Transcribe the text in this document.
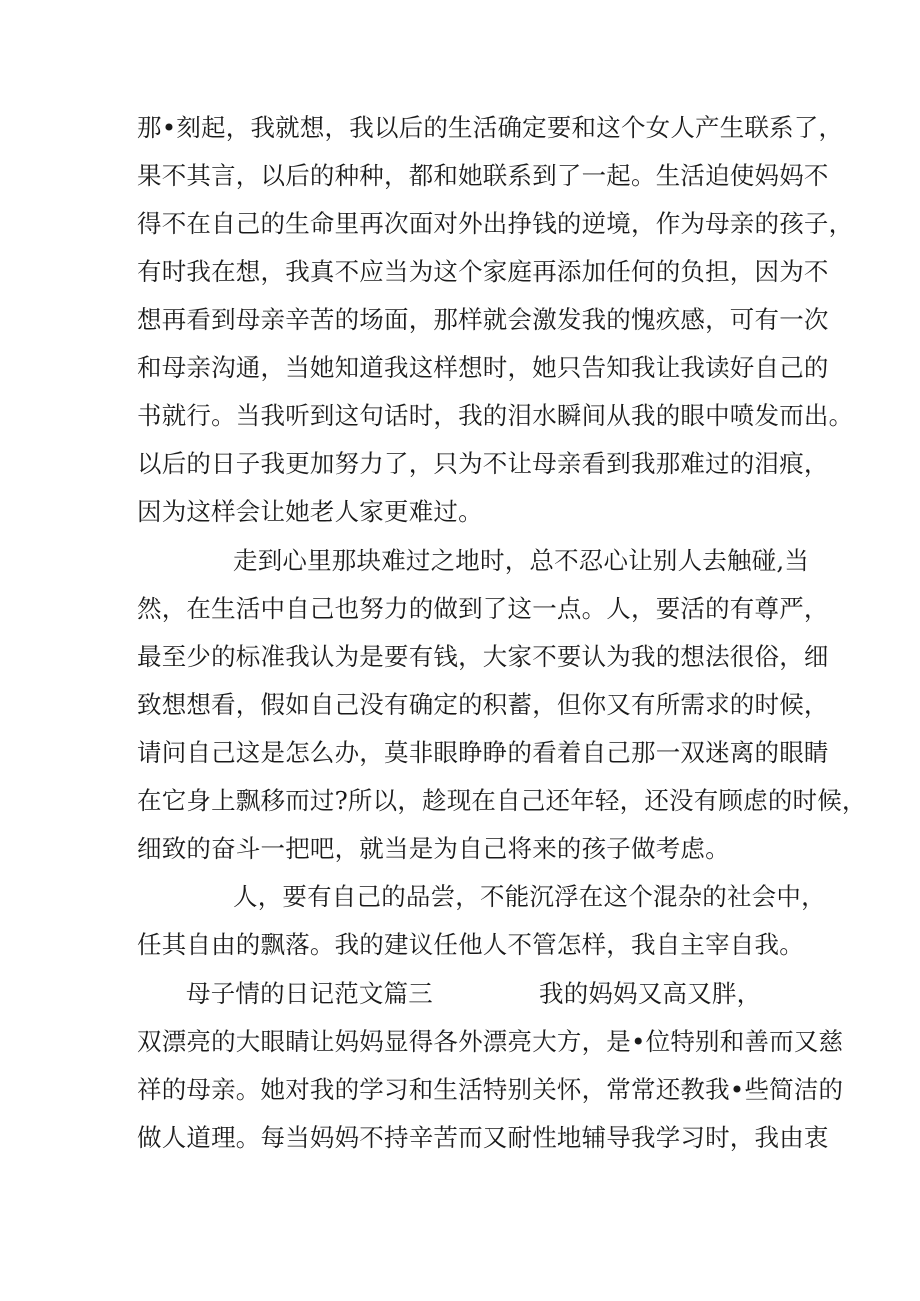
那•刻起，我就想，我以后的生活确定要和这个女人产生联系了，
果不其言，以后的种种，都和她联系到了一起。生活迫使妈妈不
得不在自己的生命里再次面对外出挣钱的逆境，作为母亲的孩子，
有时我在想，我真不应当为这个家庭再添加任何的负担，因为不
想再看到母亲辛苦的场面，那样就会激发我的愧疚感，可有一次
和母亲沟通，当她知道我这样想时，她只告知我让我读好自己的
书就行。当我听到这句话时，我的泪水瞬间从我的眼中喷发而出。
以后的日子我更加努力了，只为不让母亲看到我那难过的泪痕，
因为这样会让她老人家更难过。
走到心里那块难过之地时，总不忍心让别人去触碰,当
然，在生活中自己也努力的做到了这一点。人，要活的有尊严，
最至少的标准我认为是要有钱，大家不要认为我的想法很俗，细
致想想看，假如自己没有确定的积蓄，但你又有所需求的时候，
请问自己这是怎么办，莫非眼睁睁的看着自己那一双迷离的眼睛
在它身上飘移而过?所以，趁现在自己还年轻，还没有顾虑的时候，
细致的奋斗一把吧，就当是为自己将来的孩子做考虑。
人，要有自己的品尝，不能沉浮在这个混杂的社会中，
任其自由的飘落。我的建议任他人不管怎样，我自主宰自我。
母子情的日记范文篇三	我的妈妈又高又胖，
双漂亮的大眼睛让妈妈显得各外漂亮大方，是•位特别和善而又慈
祥的母亲。她对我的学习和生活特别关怀，常常还教我•些简洁的
做人道理。每当妈妈不持辛苦而又耐性地辅导我学习时，我由衷
